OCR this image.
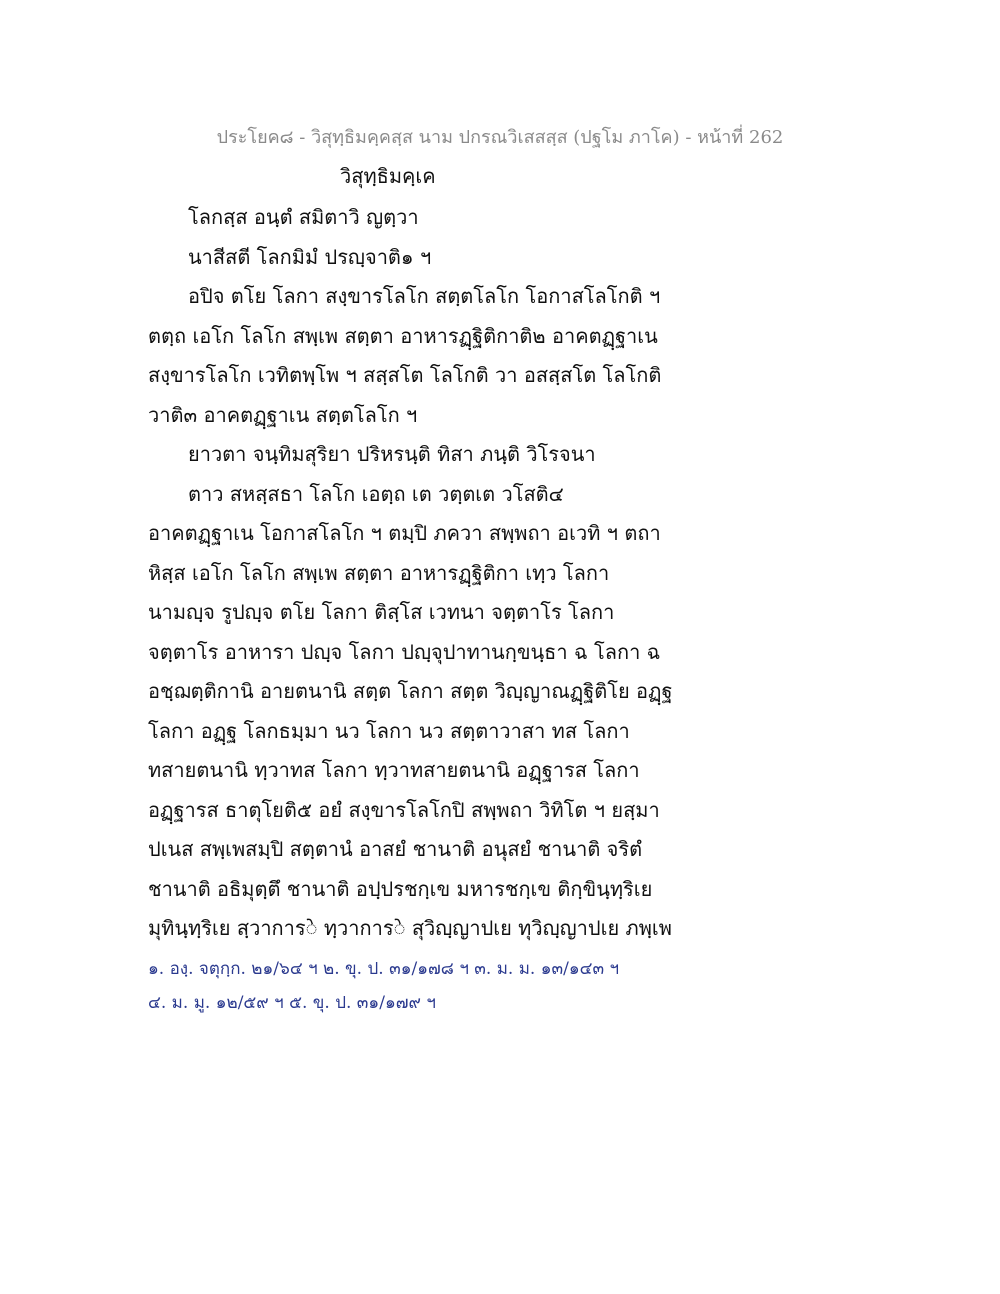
ประโยค๘ - วิสุทฺธิมคฺคสฺส นาม ปกรณวิเสสสฺส (ปฐโม ภาโค) - หน้าที่ 262
วิสุทฺธิมคฺเค
โลกสฺส อนฺตํ สมิตาวิ ญตฺวา
นาสีสตี โลกมิมํ ปรญฺจาติ๑ ฯ
อปิจ ตโย โลกา สงฺขารโลโก สตฺตโลโก โอกาสโลโกติ ฯ
ตตฺถ เอโก โลโก สพฺเพ สตฺตา อาหารฏฺฐิติกาติ๒ อาคตฏฺฐาเน
สงฺขารโลโก เวทิตพฺโพ ฯ สสฺสโต โลโกติ วา อสสฺสโต โลโกติ
วาติ๓ อาคตฏฺฐาเน สตฺตโลโก ฯ
ยาวตา จนฺทิมสุริยา ปริหรนฺติ ทิสา ภนฺติ วิโรจนา
ตาว สหสฺสธา โลโก เอตฺถ เต วตฺตเต วโสติ๔
อาคตฏฺฐาเน โอกาสโลโก ฯ ตมฺปิ ภควา สพฺพถา อเวทิ ฯ ตถา
หิสฺส เอโก โลโก สพฺเพ สตฺตา อาหารฏฺฐิติกา เทฺว โลกา
นามญฺจ รูปญฺจ ตโย โลกา ติสฺโส เวทนา จตฺตาโร โลกา
จตฺตาโร อาหารา ปญฺจ โลกา ปญฺจุปาทานกฺขนฺธา ฉ โลกา ฉ
อชฺฌตฺติกานิ อายตนานิ สตฺต โลกา สตฺต วิญฺญาณฏฺฐิติโย อฏฺฐ
โลกา อฏฺฐ โลกธมฺมา นว โลกา นว สตฺตาวาสา ทส โลกา
ทสายตนานิ ทฺวาทส โลกา ทฺวาทสายตนานิ อฏฺฐารส โลกา
อฏฺฐารส ธาตุโยติ๕ อยํ สงฺขารโลโกปิ สพฺพถา วิทิโต ฯ ยสฺมา
ปเนส สพฺเพสมฺปิ สตฺตานํ อาสยํ ชานาติ อนุสยํ ชานาติ จริตํ
ชานาติ อธิมุตฺตึ ชานาติ อปฺปรชกฺเข มหารชกฺเข ติกฺขินฺทฺริเย
มุทินฺทฺริเย สฺวาการे ทฺวาการे สุวิญฺญาปเย ทุวิญฺญาปเย ภพฺเพ
๑. องฺ. จตุกฺก. ๒๑/๖๔ ฯ ๒. ขุ. ป. ๓๑/๑๗๘ ฯ ๓. ม. ม. ๑๓/๑๔๓ ฯ
๔. ม. มู. ๑๒/๕๙ ฯ ๕. ขุ. ป. ๓๑/๑๗๙ ฯ
